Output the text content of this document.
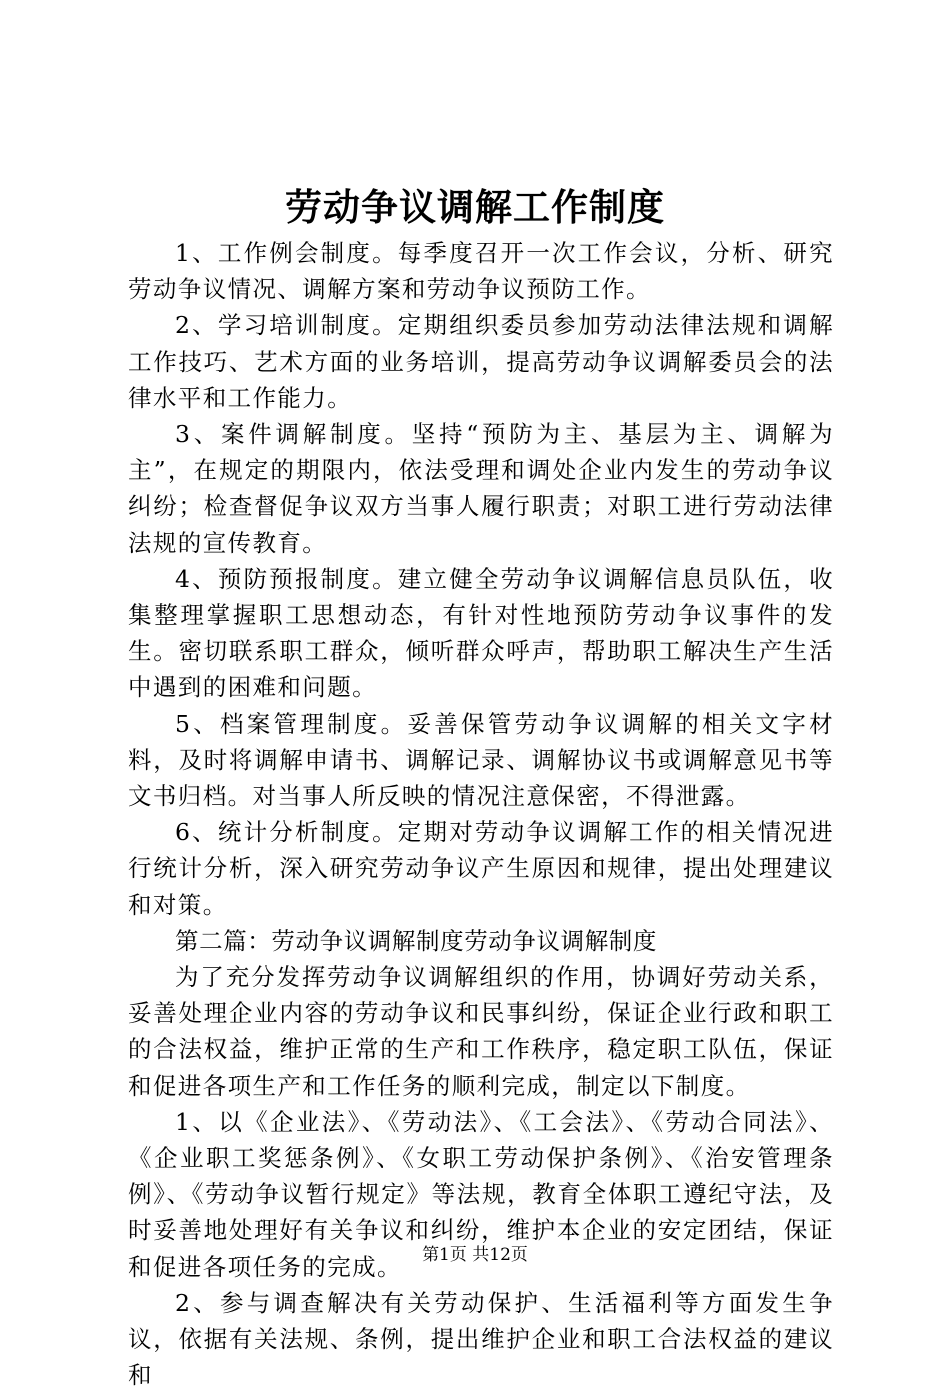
劳动争议调解工作制度

1、工作例会制度。每季度召开一次工作会议，分析、研究劳动争议情况、调解方案和劳动争议预防工作。

2、学习培训制度。定期组织委员参加劳动法律法规和调解工作技巧、艺术方面的业务培训，提高劳动争议调解委员会的法律水平和工作能力。

3、案件调解制度。坚持“预防为主、基层为主、调解为主”，在规定的期限内，依法受理和调处企业内发生的劳动争议纠纷；检查督促争议双方当事人履行职责；对职工进行劳动法律法规的宣传教育。

4、预防预报制度。建立健全劳动争议调解信息员队伍，收集整理掌握职工思想动态，有针对性地预防劳动争议事件的发生。密切联系职工群众，倾听群众呼声，帮助职工解决生产生活中遇到的困难和问题。

5、档案管理制度。妥善保管劳动争议调解的相关文字材料，及时将调解申请书、调解记录、调解协议书或调解意见书等文书归档。对当事人所反映的情况注意保密，不得泄露。

6、统计分析制度。定期对劳动争议调解工作的相关情况进行统计分析，深入研究劳动争议产生原因和规律，提出处理建议和对策。

第二篇：劳动争议调解制度劳动争议调解制度

为了充分发挥劳动争议调解组织的作用，协调好劳动关系，妥善处理企业内容的劳动争议和民事纠纷，保证企业行政和职工的合法权益，维护正常的生产和工作秩序，稳定职工队伍，保证和促进各项生产和工作任务的顺利完成，制定以下制度。

1、以《企业法》、《劳动法》、《工会法》、《劳动合同法》、《企业职工奖惩条例》、《女职工劳动保护条例》、《治安管理条例》、《劳动争议暂行规定》等法规，教育全体职工遵纪守法，及时妥善地处理好有关争议和纠纷，维护本企业的安定团结，保证和促进各项任务的完成。

2、参与调查解决有关劳动保护、生活福利等方面发生争议，依据有关法规、条例，提出维护企业和职工合法权益的建议和

第1页 共12页
